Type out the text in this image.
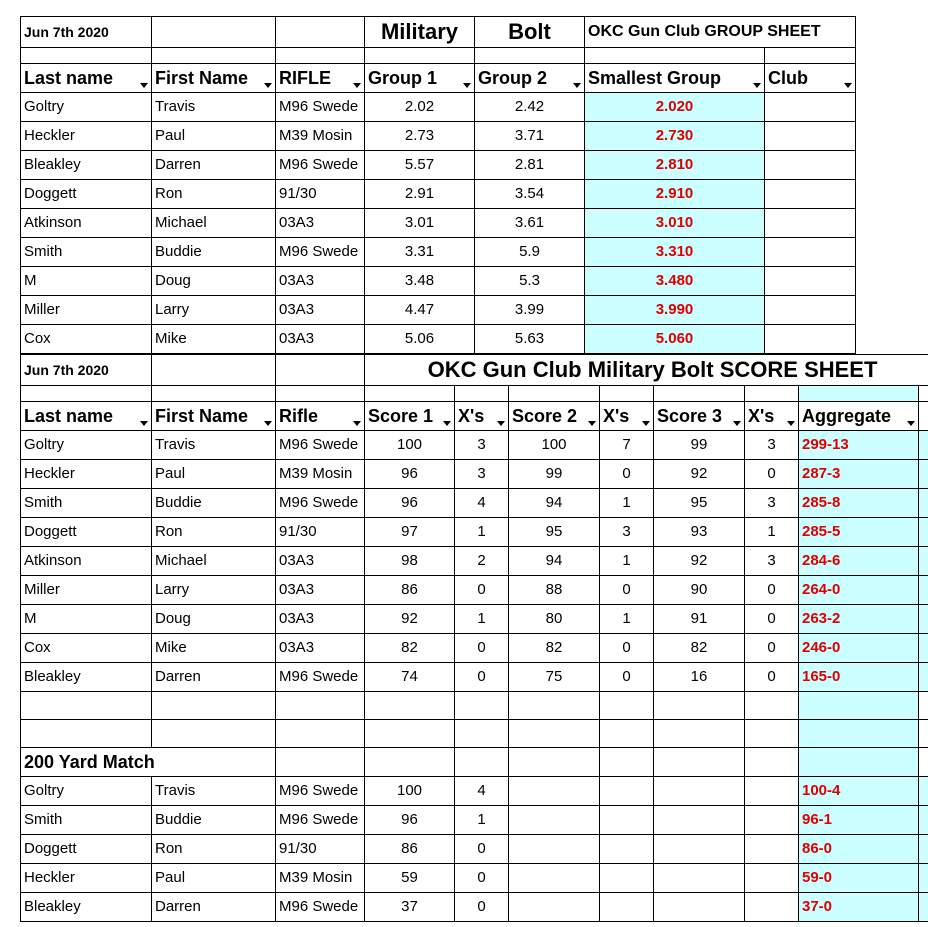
Jun 7th 2020			Military	Bolt	OKC Gun Club GROUP SHEET	

Last name	First Name	RIFLE	Group 1	Group 2	Smallest Group	Club

Goltry	Travis	M96 Swede	2.02	2.42	2.020	
Heckler	Paul	M39 Mosin	2.73	3.71	2.730	
Bleakley	Darren	M96 Swede	5.57	2.81	2.810	
Doggett	Ron	91/30	2.91	3.54	2.910	
Atkinson	Michael	03A3	3.01	3.61	3.010	
Smith	Buddie	M96 Swede	3.31	5.9	3.310	
M	Doug	03A3	3.48	5.3	3.480	
Miller	Larry	03A3	4.47	3.99	3.990	
Cox	Mike	03A3	5.06	5.63	5.060	
Jun 7th 2020			OKC Gun Club Military Bolt SCORE SHEET							

Last name	First Name	Rifle	Score 1	X's	Score 2	X's	Score 3	X's	Aggregate

Goltry	Travis	M96 Swede	100	3	100	7	99	3	299-13	
Heckler	Paul	M39 Mosin	96	3	99	0	92	0	287-3	
Smith	Buddie	M96 Swede	96	4	94	1	95	3	285-8	
Doggett	Ron	91/30	97	1	95	3	93	1	285-5	
Atkinson	Michael	03A3	98	2	94	1	92	3	284-6	
Miller	Larry	03A3	86	0	88	0	90	0	264-0	
M	Doug	03A3	92	1	80	1	91	0	263-2	
Cox	Mike	03A3	82	0	82	0	82	0	246-0	
Bleakley	Darren	M96 Swede	74	0	75	0	16	0	165-0	

200 Yard Match										
Goltry	Travis	M96 Swede	100	4					100-4	
Smith	Buddie	M96 Swede	96	1					96-1	
Doggett	Ron	91/30	86	0					86-0	
Heckler	Paul	M39 Mosin	59	0					59-0	
Bleakley	Darren	M96 Swede	37	0					37-0	
